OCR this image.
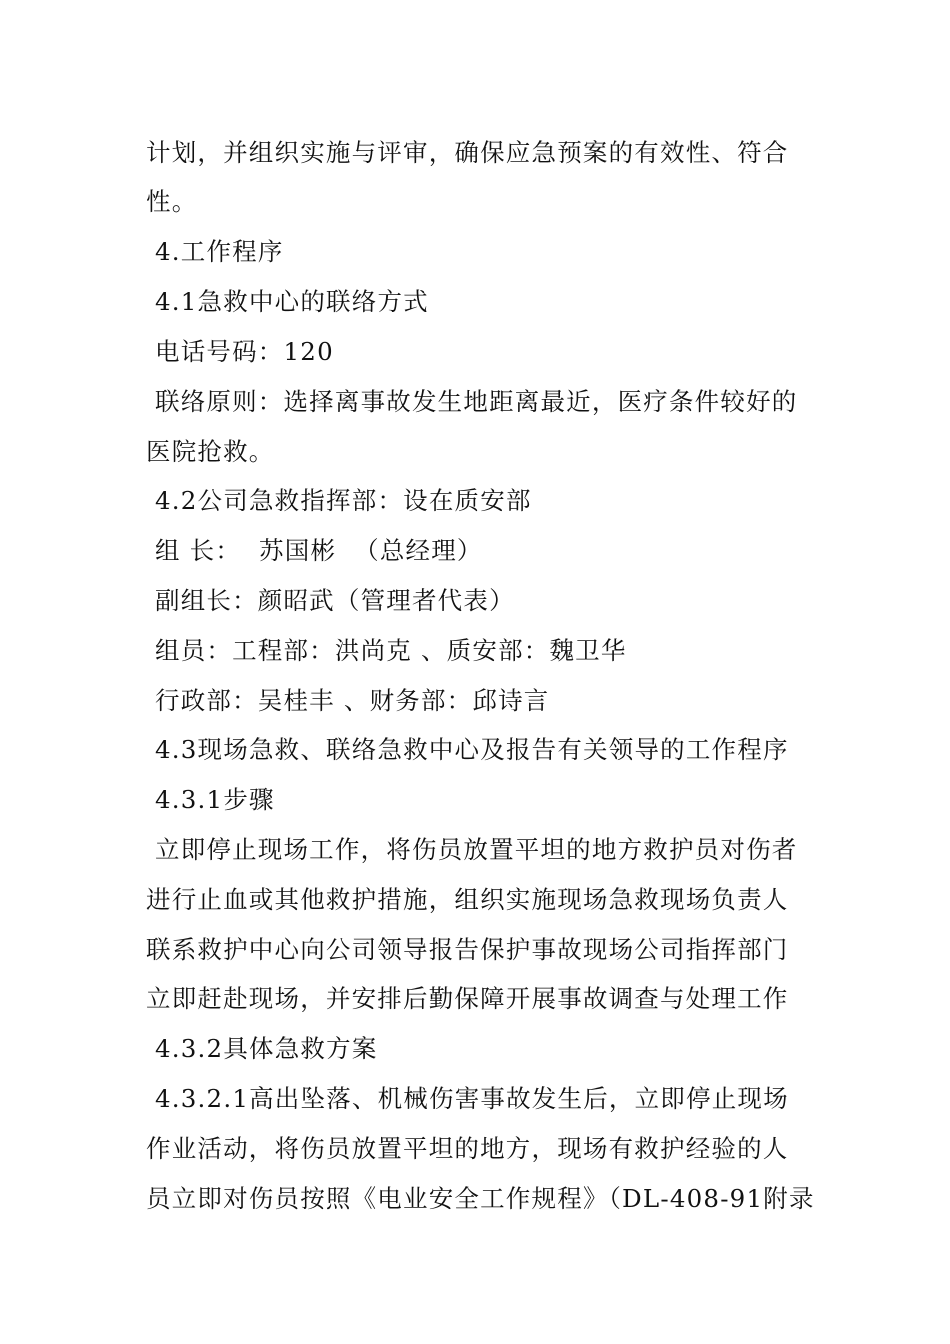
计划，并组织实施与评审，确保应急预案的有效性、符合
性。
4.工作程序
4.1急救中心的联络方式
电话号码：120
联络原则：选择离事故发生地距离最近，医疗条件较好的
医院抢救。
4.2公司急救指挥部：设在质安部
组 长：  苏国彬  （总经理）
副组长：颜昭武（管理者代表）
组员：工程部：洪尚克 、质安部：魏卫华
行政部：吴桂丰 、财务部：邱诗言
4.3现场急救、联络急救中心及报告有关领导的工作程序
4.3.1步骤
立即停止现场工作，将伤员放置平坦的地方救护员对伤者
进行止血或其他救护措施，组织实施现场急救现场负责人
联系救护中心向公司领导报告保护事故现场公司指挥部门
立即赶赴现场，并安排后勤保障开展事故调查与处理工作
4.3.2具体急救方案
4.3.2.1高出坠落、机械伤害事故发生后，立即停止现场
作业活动，将伤员放置平坦的地方，现场有救护经验的人
员立即对伤员按照《电业安全工作规程》（DL-408-91附录
